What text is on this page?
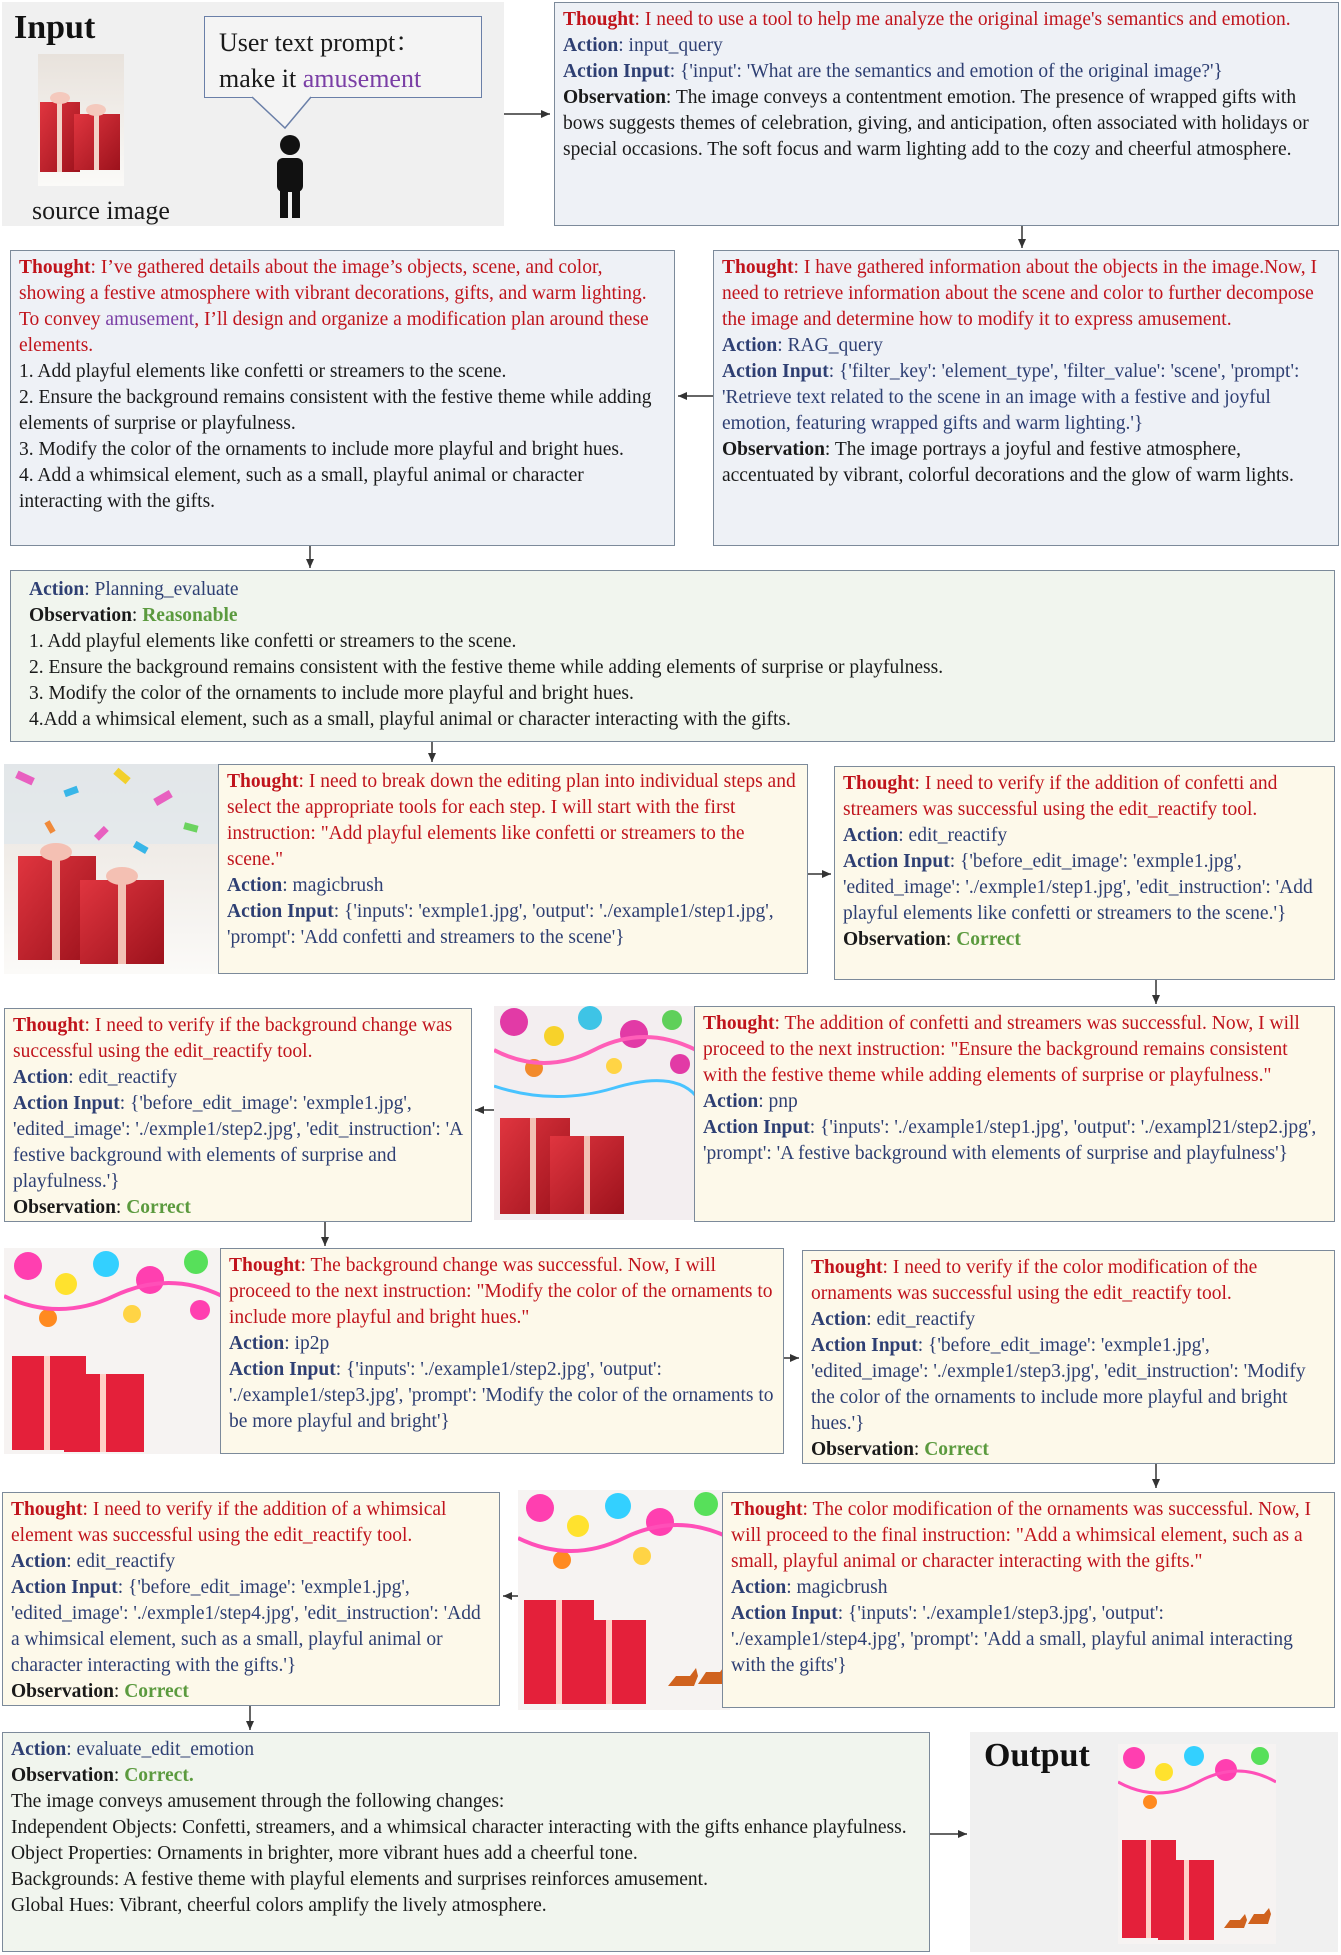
Input
source image
User text prompt：
make it amusement

Thought: I need to use a tool to help me analyze the original image's semantics and emotion.

Action: input_query

Action Input: {'input': 'What are the semantics and emotion of the original image?'}

Observation: The image conveys a contentment emotion. The presence of wrapped gifts with bows suggests themes of celebration, giving, and anticipation, often associated with holidays or special occasions. The soft focus and warm lighting add to the cozy and cheerful atmosphere.

Thought: I have gathered information about the objects in the image.Now, I need to retrieve information about the scene and color to further decompose the image and determine how to modify it to express amusement.

Action: RAG_query

Action Input: {'filter_key': 'element_type', 'filter_value': 'scene', 'prompt': 'Retrieve text related to the scene in an image with a festive and joyful emotion, featuring wrapped gifts and warm lighting.'}

Observation: The image portrays a joyful and festive atmosphere, accentuated by vibrant, colorful decorations and the glow of warm lights.

Thought: I’ve gathered details about the image’s objects, scene, and color, showing a festive atmosphere with vibrant decorations, gifts, and warm lighting. To convey amusement, I’ll design and organize a modification plan around these elements.

1. Add playful elements like confetti or streamers to the scene.

2. Ensure the background remains consistent with the festive theme while adding elements of surprise or playfulness.

3. Modify the color of the ornaments to include more playful and bright hues.

4. Add a whimsical element, such as a small, playful animal or character interacting with the gifts.

Action: Planning_evaluate

Observation: Reasonable

1. Add playful elements like confetti or streamers to the scene.

2. Ensure the background remains consistent with the festive theme while adding elements of surprise or playfulness.

3. Modify the color of the ornaments to include more playful and bright hues.

4.Add a whimsical element, such as a small, playful animal or character interacting with the gifts.

Thought: I need to break down the editing plan into individual steps and select the appropriate tools for each step. I will start with the first instruction: "Add playful elements like confetti or streamers to the scene."

Action: magicbrush

Action Input: {'inputs': 'exmple1.jpg', 'output': './example1/step1.jpg', 'prompt': 'Add confetti and streamers to the scene'}

Thought: I need to verify if the addition of confetti and streamers was successful using the edit_reactify tool.

Action: edit_reactify

Action Input: {'before_edit_image': 'exmple1.jpg', 'edited_image': './exmple1/step1.jpg', 'edit_instruction': 'Add playful elements like confetti or streamers to the scene.'}

Observation: Correct

Thought: I need to verify if the background change was successful using the edit_reactify tool.

Action: edit_reactify

Action Input: {'before_edit_image': 'exmple1.jpg', 'edited_image': './exmple1/step2.jpg', 'edit_instruction': 'A festive background with elements of surprise and playfulness.'}

Observation: Correct

Thought: The addition of confetti and streamers was successful. Now, I will proceed to the next instruction: "Ensure the background remains consistent with the festive theme while adding elements of surprise or playfulness."

Action: pnp

Action Input: {'inputs': './example1/step1.jpg', 'output': './exampl21/step2.jpg', 'prompt': 'A festive background with elements of surprise and playfulness'}

Thought: The background change was successful. Now, I will proceed to the next instruction: "Modify the color of the ornaments to include more playful and bright hues."

Action: ip2p

Action Input: {'inputs': './example1/step2.jpg', 'output': './example1/step3.jpg', 'prompt': 'Modify the color of the ornaments to be more playful and bright'}

Thought: I need to verify if the color modification of the ornaments was successful using the edit_reactify tool.

Action: edit_reactify

Action Input: {'before_edit_image': 'exmple1.jpg', 'edited_image': './exmple1/step3.jpg', 'edit_instruction': 'Modify the color of the ornaments to include more playful and bright hues.'}

Observation: Correct

Thought: I need to verify if the addition of a whimsical element was successful using the edit_reactify tool.

Action: edit_reactify

Action Input: {'before_edit_image': 'exmple1.jpg', 'edited_image': './exmple1/step4.jpg', 'edit_instruction': 'Add a whimsical element, such as a small, playful animal or character interacting with the gifts.'}

Observation: Correct

Thought: The color modification of the ornaments was successful. Now, I will proceed to the final instruction: "Add a whimsical element, such as a small, playful animal or character interacting with the gifts."

Action: magicbrush

Action Input: {'inputs': './example1/step3.jpg', 'output': './example1/step4.jpg', 'prompt': 'Add a small, playful animal interacting with the gifts'}

Action: evaluate_edit_emotion

Observation: Correct.

The image conveys amusement through the following changes:

Independent Objects: Confetti, streamers, and a whimsical character interacting with the gifts enhance playfulness.

Object Properties: Ornaments in brighter, more vibrant hues add a cheerful tone.

Backgrounds: A festive theme with playful elements and surprises reinforces amusement.

Global Hues: Vibrant, cheerful colors amplify the lively atmosphere.

Output
